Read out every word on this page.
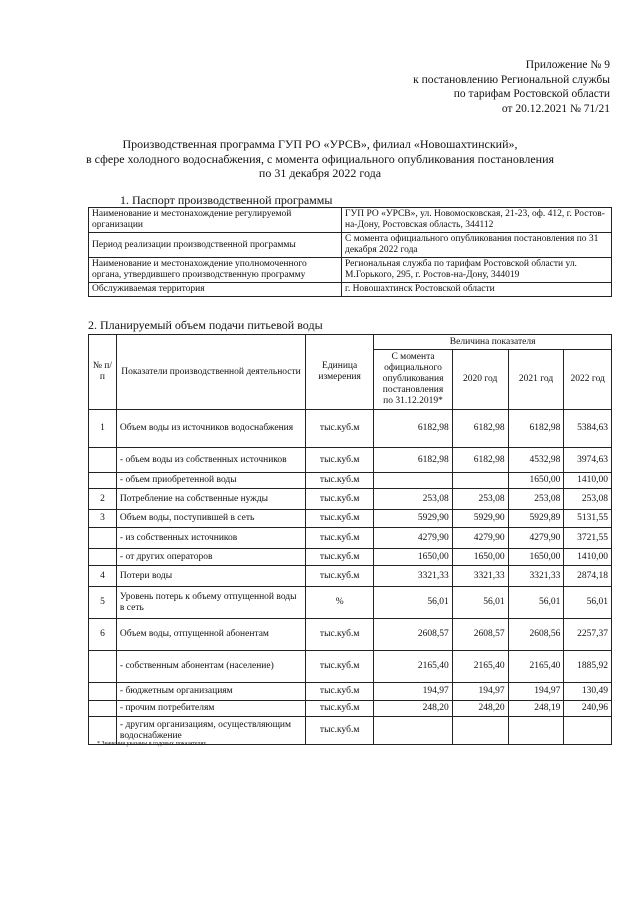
Приложение № 9
к постановлению Региональной службы
по тарифам Ростовской области
от 20.12.2021 № 71/21
Производственная программа ГУП РО «УРСВ», филиал «Новошахтинский»,
в сфере холодного водоснабжения, с момента официального опубликования постановления
по 31 декабря 2022 года
1. Паспорт производственной программы
Наименование и местонахождение регулируемой организации	ГУП РО «УРСВ», ул. Новомосковская, 21-23, оф. 412, г. Ростов-на-Дону, Ростовская область, 344112
Период реализации производственной программы	С момента официального опубликования постановления по 31 декабря 2022 года
Наименование и местонахождение уполномоченного органа, утвердившего производственную программу	Региональная служба по тарифам Ростовской области ул. М.Горького, 295, г. Ростов-на-Дону, 344019
Обслуживаемая территория	г. Новошахтинск Ростовской области
2. Планируемый объем подачи питьевой воды
№ п/п	Показатели производственной деятельности	Единица измерения	Величина показателя			
			С момента официального опубликования постановления по 31.12.2019*	2020 год	2021 год	2022 год
1	Объем воды из источников водоснабжения	тыс.куб.м	6182,98	6182,98	6182,98	5384,63
	- объем воды из собственных источников	тыс.куб.м	6182,98	6182,98	4532,98	3974,63
	- объем приобретенной воды	тыс.куб.м			1650,00	1410,00
2	Потребление на собственные нужды	тыс.куб.м	253,08	253,08	253,08	253,08
3	Объем воды, поступившей в сеть	тыс.куб.м	5929,90	5929,90	5929,89	5131,55
	- из собственных источников	тыс.куб.м	4279,90	4279,90	4279,90	3721,55
	- от других операторов	тыс.куб.м	1650,00	1650,00	1650,00	1410,00
4	Потери воды	тыс.куб.м	3321,33	3321,33	3321,33	2874,18
5	Уровень потерь к объему отпущенной воды в сеть	%	56,01	56,01	56,01	56,01
6	Объем воды, отпущенной абонентам	тыс.куб.м	2608,57	2608,57	2608,56	2257,37
	- собственным абонентам (население)	тыс.куб.м	2165,40	2165,40	2165,40	1885,92
	- бюджетным организациям	тыс.куб.м	194,97	194,97	194,97	130,49
	- прочим потребителям	тыс.куб.м	248,20	248,20	248,19	240,96
	- другим организациям, осуществляющим водоснабжение	тыс.куб.м				
* Значения указаны в годовых показателях
